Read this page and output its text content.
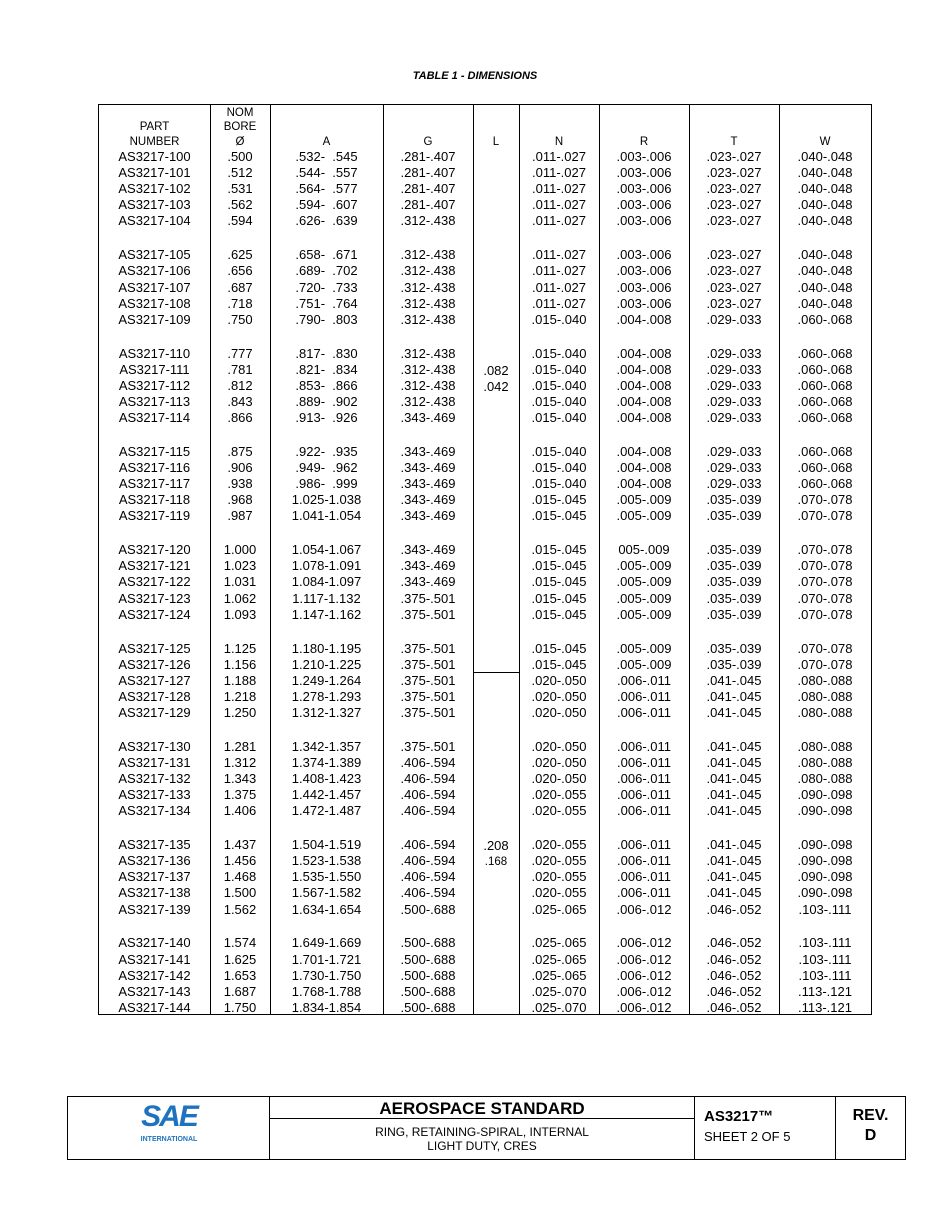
TABLE 1 - DIMENSIONS
PART
NUMBER
AS3217-100
AS3217-101
AS3217-102
AS3217-103
AS3217-104
AS3217-105
AS3217-106
AS3217-107
AS3217-108
AS3217-109
AS3217-110
AS3217-111
AS3217-112
AS3217-113
AS3217-114
AS3217-115
AS3217-116
AS3217-117
AS3217-118
AS3217-119
AS3217-120
AS3217-121
AS3217-122
AS3217-123
AS3217-124
AS3217-125
AS3217-126
AS3217-127
AS3217-128
AS3217-129
AS3217-130
AS3217-131
AS3217-132
AS3217-133
AS3217-134
AS3217-135
AS3217-136
AS3217-137
AS3217-138
AS3217-139
AS3217-140
AS3217-141
AS3217-142
AS3217-143
AS3217-144
NOM
BORE
Ø
.500
.512
.531
.562
.594
.625
.656
.687
.718
.750
.777
.781
.812
.843
.866
.875
.906
.938
.968
.987
1.000
1.023
1.031
1.062
1.093
1.125
1.156
1.188
1.218
1.250
1.281
1.312
1.343
1.375
1.406
1.437
1.456
1.468
1.500
1.562
1.574
1.625
1.653
1.687
1.750
A
.532-  .545
.544-  .557
.564-  .577
.594-  .607
.626-  .639
.658-  .671
.689-  .702
.720-  .733
.751-  .764
.790-  .803
.817-  .830
.821-  .834
.853-  .866
.889-  .902
.913-  .926
.922-  .935
.949-  .962
.986-  .999
1.025-1.038
1.041-1.054
1.054-1.067
1.078-1.091
1.084-1.097
1.117-1.132
1.147-1.162
1.180-1.195
1.210-1.225
1.249-1.264
1.278-1.293
1.312-1.327
1.342-1.357
1.374-1.389
1.408-1.423
1.442-1.457
1.472-1.487
1.504-1.519
1.523-1.538
1.535-1.550
1.567-1.582
1.634-1.654
1.649-1.669
1.701-1.721
1.730-1.750
1.768-1.788
1.834-1.854
G
.281-.407
.281-.407
.281-.407
.281-.407
.312-.438
.312-.438
.312-.438
.312-.438
.312-.438
.312-.438
.312-.438
.312-.438
.312-.438
.312-.438
.343-.469
.343-.469
.343-.469
.343-.469
.343-.469
.343-.469
.343-.469
.343-.469
.343-.469
.375-.501
.375-.501
.375-.501
.375-.501
.375-.501
.375-.501
.375-.501
.375-.501
.406-.594
.406-.594
.406-.594
.406-.594
.406-.594
.406-.594
.406-.594
.406-.594
.500-.688
.500-.688
.500-.688
.500-.688
.500-.688
.500-.688
L	N
.011-.027
.011-.027
.011-.027
.011-.027
.011-.027
.011-.027
.011-.027
.011-.027
.011-.027
.015-.040
.015-.040
.015-.040
.015-.040
.015-.040
.015-.040
.015-.040
.015-.040
.015-.040
.015-.045
.015-.045
.015-.045
.015-.045
.015-.045
.015-.045
.015-.045
.015-.045
.015-.045
.020-.050
.020-.050
.020-.050
.020-.050
.020-.050
.020-.050
.020-.055
.020-.055
.020-.055
.020-.055
.020-.055
.020-.055
.025-.065
.025-.065
.025-.065
.025-.065
.025-.070
.025-.070
R
.003-.006
.003-.006
.003-.006
.003-.006
.003-.006
.003-.006
.003-.006
.003-.006
.003-.006
.004-.008
.004-.008
.004-.008
.004-.008
.004-.008
.004-.008
.004-.008
.004-.008
.004-.008
.005-.009
.005-.009
005-.009
.005-.009
.005-.009
.005-.009
.005-.009
.005-.009
.005-.009
.006-.011
.006-.011
.006-.011
.006-.011
.006-.011
.006-.011
.006-.011
.006-.011
.006-.011
.006-.011
.006-.011
.006-.011
.006-.012
.006-.012
.006-.012
.006-.012
.006-.012
.006-.012
T
.023-.027
.023-.027
.023-.027
.023-.027
.023-.027
.023-.027
.023-.027
.023-.027
.023-.027
.029-.033
.029-.033
.029-.033
.029-.033
.029-.033
.029-.033
.029-.033
.029-.033
.029-.033
.035-.039
.035-.039
.035-.039
.035-.039
.035-.039
.035-.039
.035-.039
.035-.039
.035-.039
.041-.045
.041-.045
.041-.045
.041-.045
.041-.045
.041-.045
.041-.045
.041-.045
.041-.045
.041-.045
.041-.045
.041-.045
.046-.052
.046-.052
.046-.052
.046-.052
.046-.052
.046-.052
W
.040-.048
.040-.048
.040-.048
.040-.048
.040-.048
.040-.048
.040-.048
.040-.048
.040-.048
.060-.068
.060-.068
.060-.068
.060-.068
.060-.068
.060-.068
.060-.068
.060-.068
.060-.068
.070-.078
.070-.078
.070-.078
.070-.078
.070-.078
.070-.078
.070-.078
.070-.078
.070-.078
.080-.088
.080-.088
.080-.088
.080-.088
.080-.088
.080-.088
.090-.098
.090-.098
.090-.098
.090-.098
.090-.098
.090-.098
.103-.111
.103-.111
.103-.111
.103-.111
.113-.121
.113-.121
.082
.042
.208
.168
SAE
INTERNATIONAL
AEROSPACE STANDARD
RING, RETAINING-SPIRAL, INTERNAL
LIGHT DUTY, CRES
AS3217™
SHEET 2 OF 5
REV.
D
